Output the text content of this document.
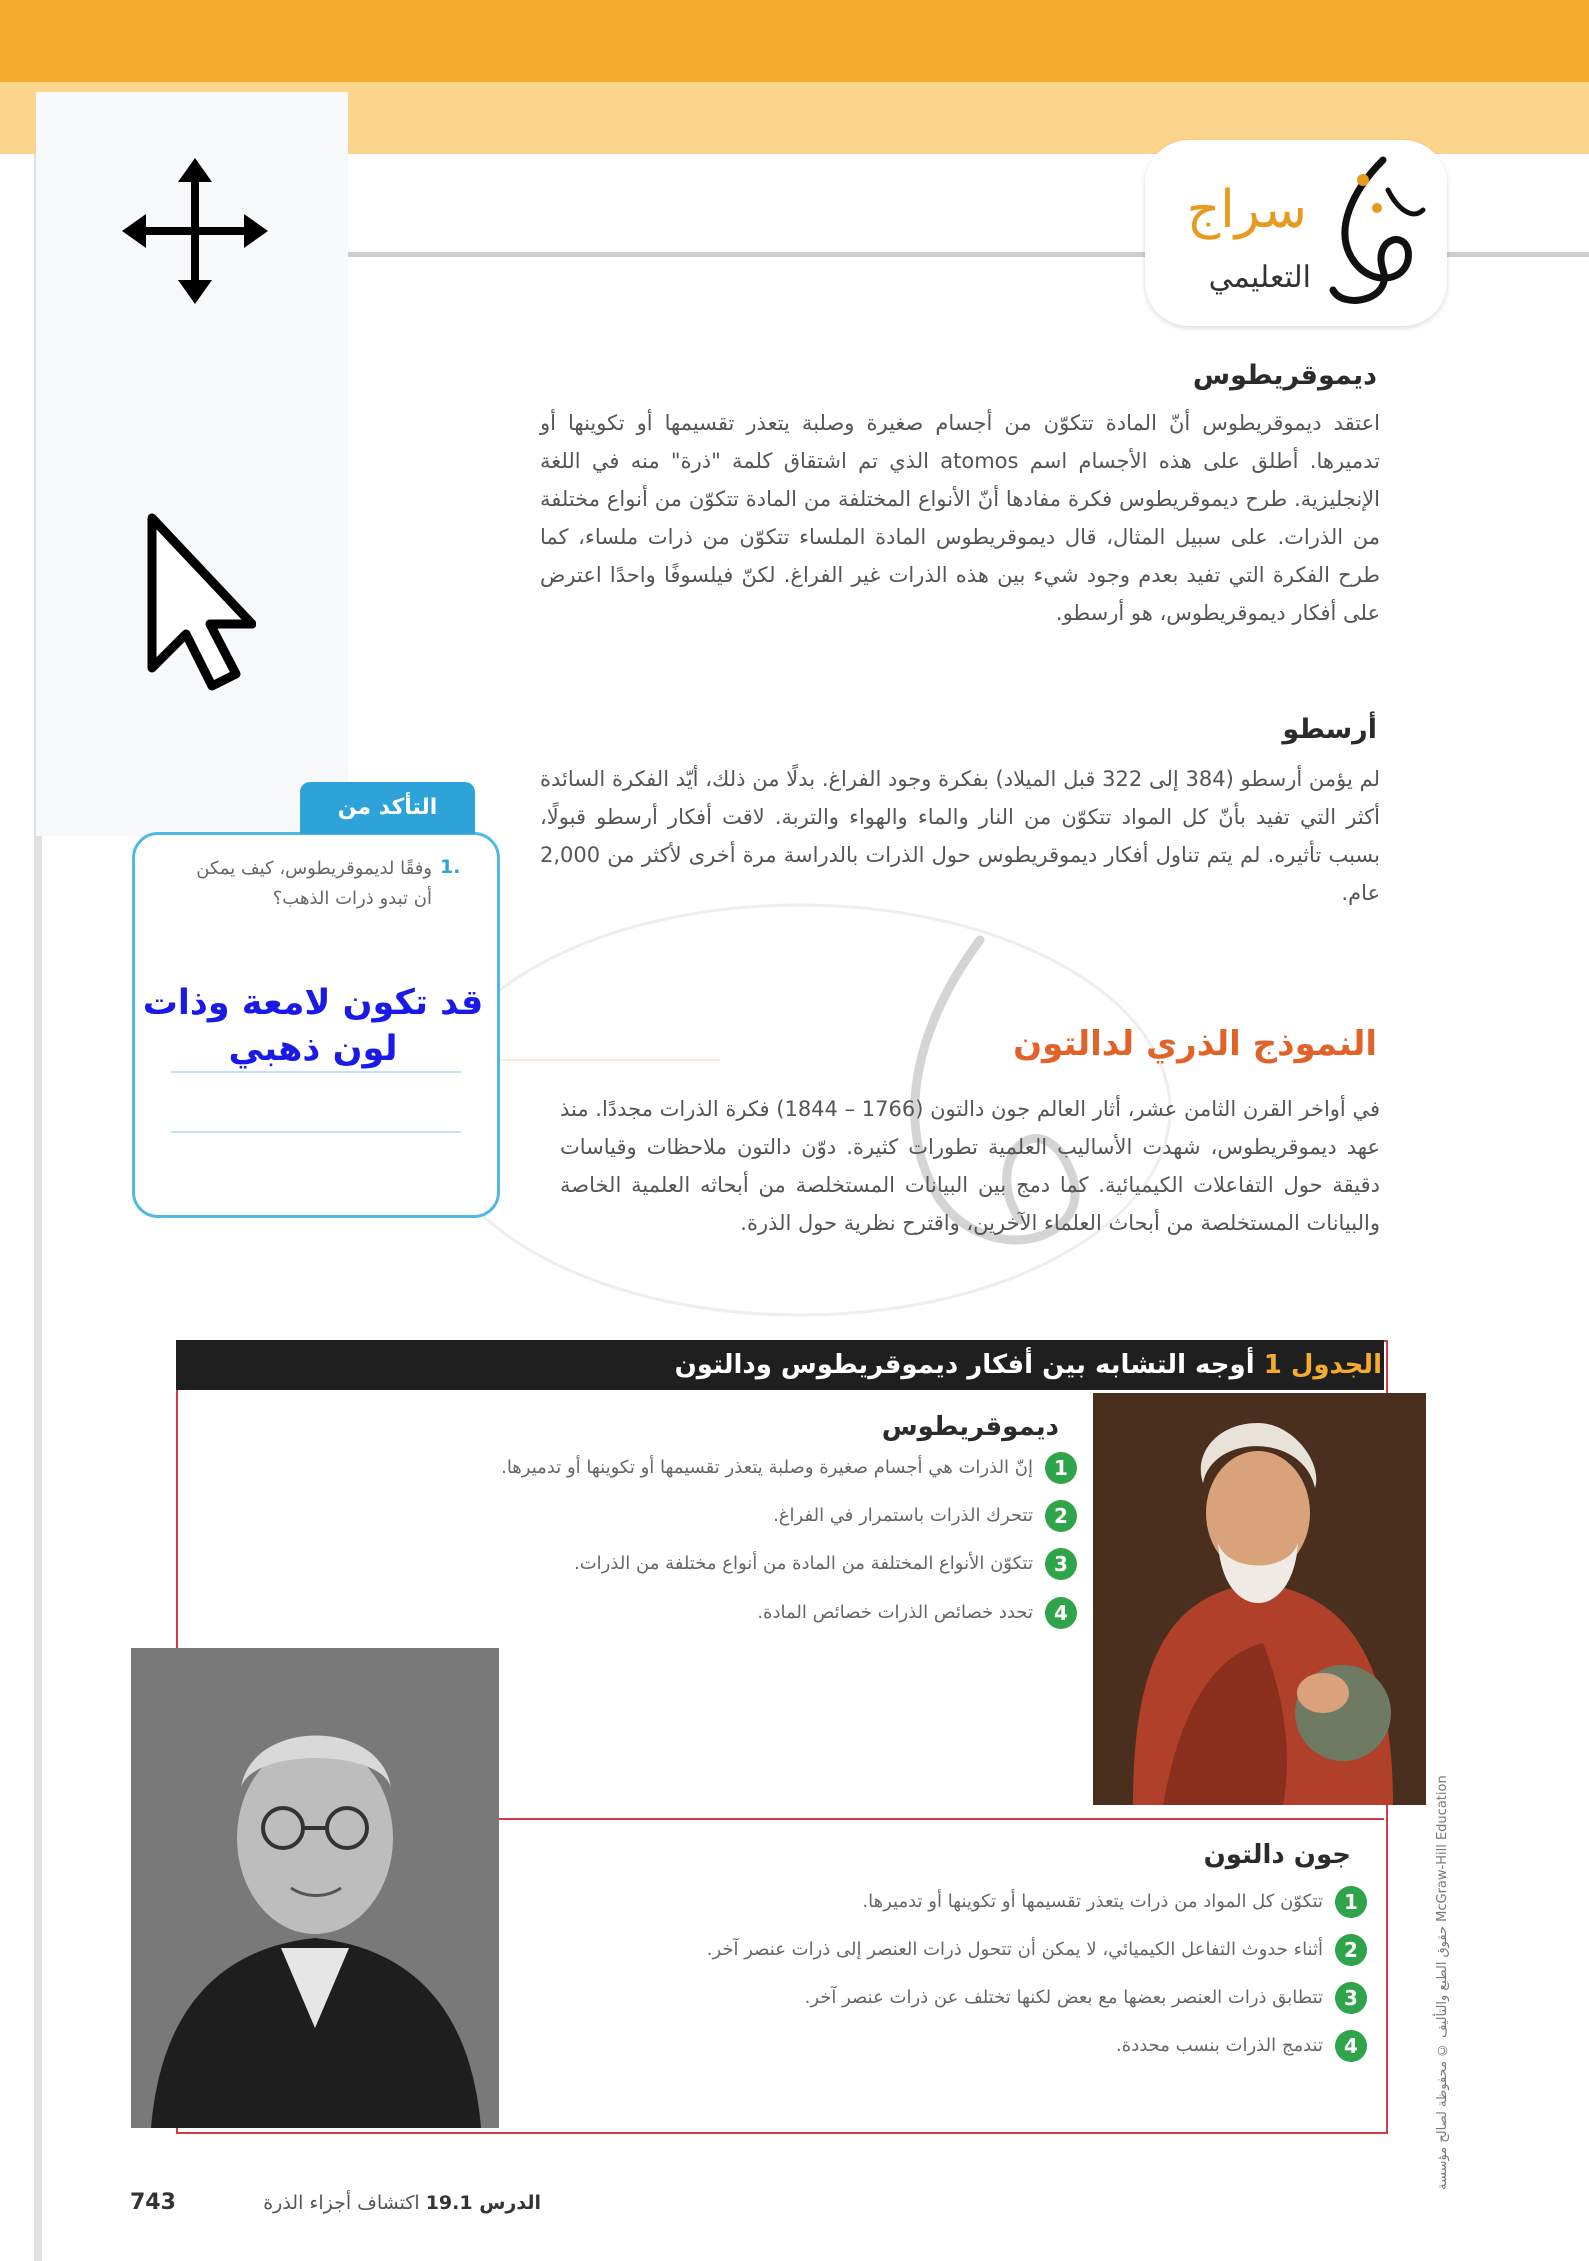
سراج
التعليمي
ديموقريطوس
اعتقد ديموقريطوس أنّ المادة تتكوّن من أجسام صغيرة وصلبة يتعذر تقسيمها أو تكوينها أو تدميرها. أطلق على هذه الأجسام اسم atomos الذي تم اشتقاق كلمة "ذرة" منه في اللغة الإنجليزية. طرح ديموقريطوس فكرة مفادها أنّ الأنواع المختلفة من المادة تتكوّن من أنواع مختلفة من الذرات. على سبيل المثال، قال ديموقريطوس المادة الملساء تتكوّن من ذرات ملساء، كما طرح الفكرة التي تفيد بعدم وجود شيء بين هذه الذرات غير الفراغ. لكنّ فيلسوفًا واحدًا اعترض على أفكار ديموقريطوس، هو أرسطو.
أرسطو
لم يؤمن أرسطو (384 إلى 322 قبل الميلاد) بفكرة وجود الفراغ. بدلًا من ذلك، أيّد الفكرة السائدة أكثر التي تفيد بأنّ كل المواد تتكوّن من النار والماء والهواء والتربة. لاقت أفكار أرسطو قبولًا، بسبب تأثيره. لم يتم تناول أفكار ديموقريطوس حول الذرات بالدراسة مرة أخرى لأكثر من 2,000 عام.
النموذج الذري لدالتون
في أواخر القرن الثامن عشر، أثار العالم جون دالتون (1766 – 1844) فكرة الذرات مجددًا. منذ عهد ديموقريطوس، شهدت الأساليب العلمية تطورات كثيرة. دوّن دالتون ملاحظات وقياسات دقيقة حول التفاعلات الكيميائية. كما دمج بين البيانات المستخلصة من أبحاثه العلمية الخاصة والبيانات المستخلصة من أبحاث العلماء الآخرين، واقترح نظرية حول الذرة.
التأكد من
1.
وفقًا لديموقريطوس، كيف يمكن أن تبدو ذرات الذهب؟
قد تكون لامعة وذات لون ذهبي
الجدول 1 أوجه التشابه بين أفكار ديموقريطوس ودالتون
ديموقريطوس
1إنّ الذرات هي أجسام صغيرة وصلبة يتعذر تقسيمها أو تكوينها أو تدميرها.
2تتحرك الذرات باستمرار في الفراغ.
3تتكوّن الأنواع المختلفة من المادة من أنواع مختلفة من الذرات.
4تحدد خصائص الذرات خصائص المادة.
جون دالتون
1تتكوّن كل المواد من ذرات يتعذر تقسيمها أو تكوينها أو تدميرها.
2أثناء حدوث التفاعل الكيميائي، لا يمكن أن تتحول ذرات العنصر إلى ذرات عنصر آخر.
3تتطابق ذرات العنصر بعضها مع بعض لكنها تختلف عن ذرات عنصر آخر.
4تندمج الذرات بنسب محددة.	حقوق الطبع والتأليف © محفوظة لصالح مؤسسة McGraw-Hill Education
الدرس 19.1 اكتشاف أجزاء الذرة
743
